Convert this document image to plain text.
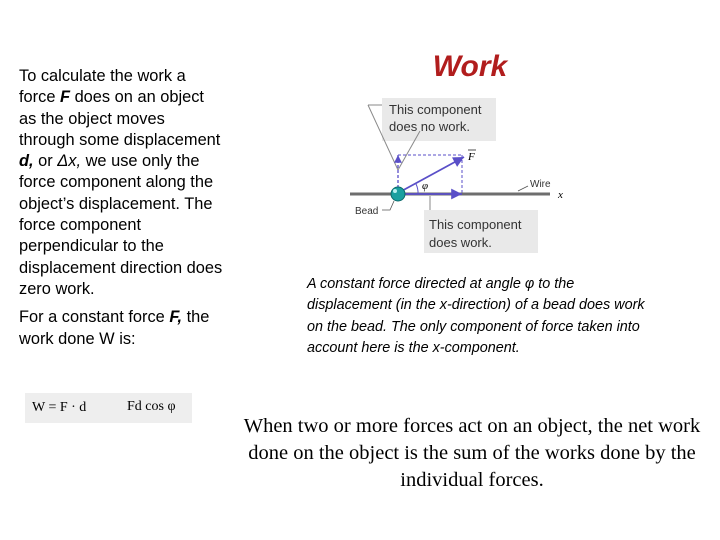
To calculate the work a force F does on an object as the object moves through some displacement d, or Δx, we use only the force component along the object’s displacement. The force component perpendicular to the displacement direction does zero work.

For a constant force F, the work done W is:

W = F · d	Fd cos φ
Work
This component
does no work.
x
Wire
F
φ
Bead
This component
does work.
A constant force directed at angle φ to the displacement (in the x-direction) of a bead does work on the bead. The only component of force taken into account here is the x-component.
When two or more forces act on an object, the net work done on the object is the sum of the works done by the individual forces.
